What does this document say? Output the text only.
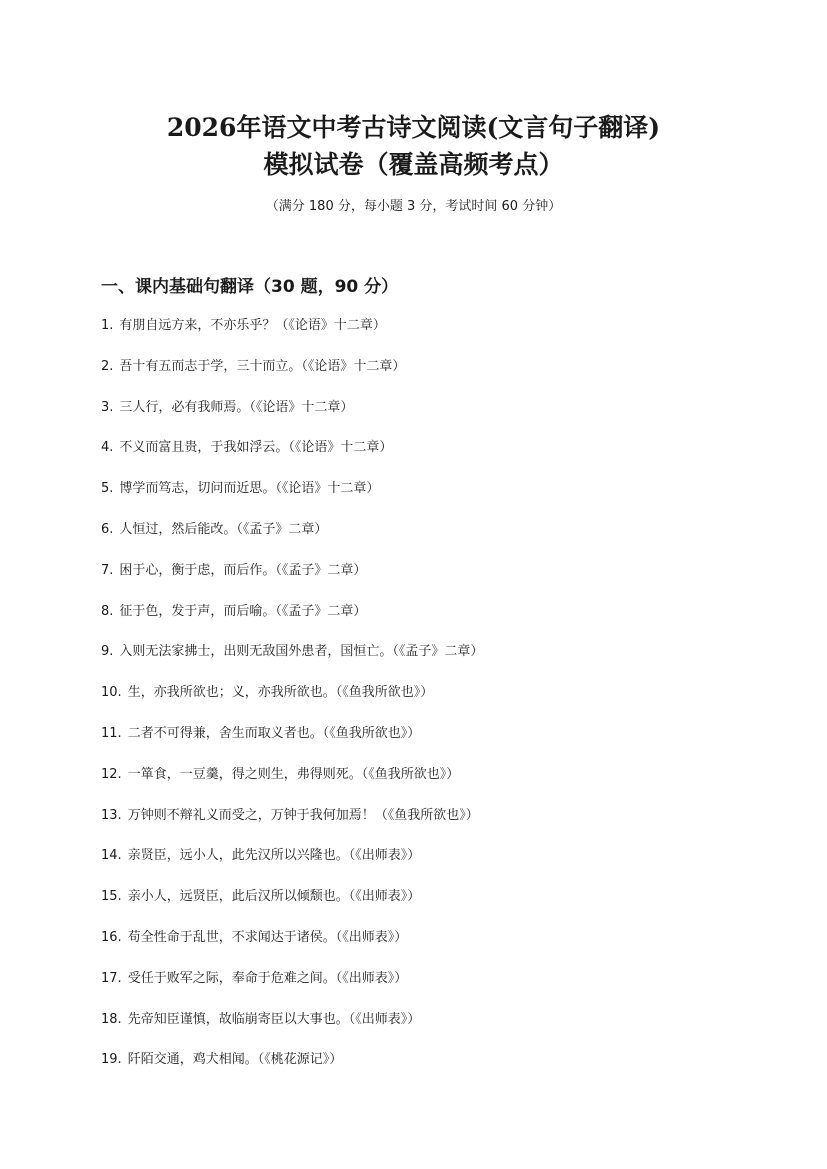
2026年语文中考古诗文阅读(文言句子翻译)
模拟试卷（覆盖高频考点）
（满分 180 分，每小题 3 分，考试时间 60 分钟）
一、课内基础句翻译（30 题，90 分）
1. 有朋自远方来，不亦乐乎？（《论语》十二章）
2. 吾十有五而志于学，三十而立。（《论语》十二章）
3. 三人行，必有我师焉。（《论语》十二章）
4. 不义而富且贵，于我如浮云。（《论语》十二章）
5. 博学而笃志，切问而近思。（《论语》十二章）
6. 人恒过，然后能改。（《孟子》二章）
7. 困于心，衡于虑，而后作。（《孟子》二章）
8. 征于色，发于声，而后喻。（《孟子》二章）
9. 入则无法家拂士，出则无敌国外患者，国恒亡。（《孟子》二章）
10. 生，亦我所欲也；义，亦我所欲也。（《鱼我所欲也》）
11. 二者不可得兼，舍生而取义者也。（《鱼我所欲也》）
12. 一箪食，一豆羹，得之则生，弗得则死。（《鱼我所欲也》）
13. 万钟则不辩礼义而受之，万钟于我何加焉！（《鱼我所欲也》）
14. 亲贤臣，远小人，此先汉所以兴隆也。（《出师表》）
15. 亲小人，远贤臣，此后汉所以倾颓也。（《出师表》）
16. 苟全性命于乱世，不求闻达于诸侯。（《出师表》）
17. 受任于败军之际，奉命于危难之间。（《出师表》）
18. 先帝知臣谨慎，故临崩寄臣以大事也。（《出师表》）
19. 阡陌交通，鸡犬相闻。（《桃花源记》）
